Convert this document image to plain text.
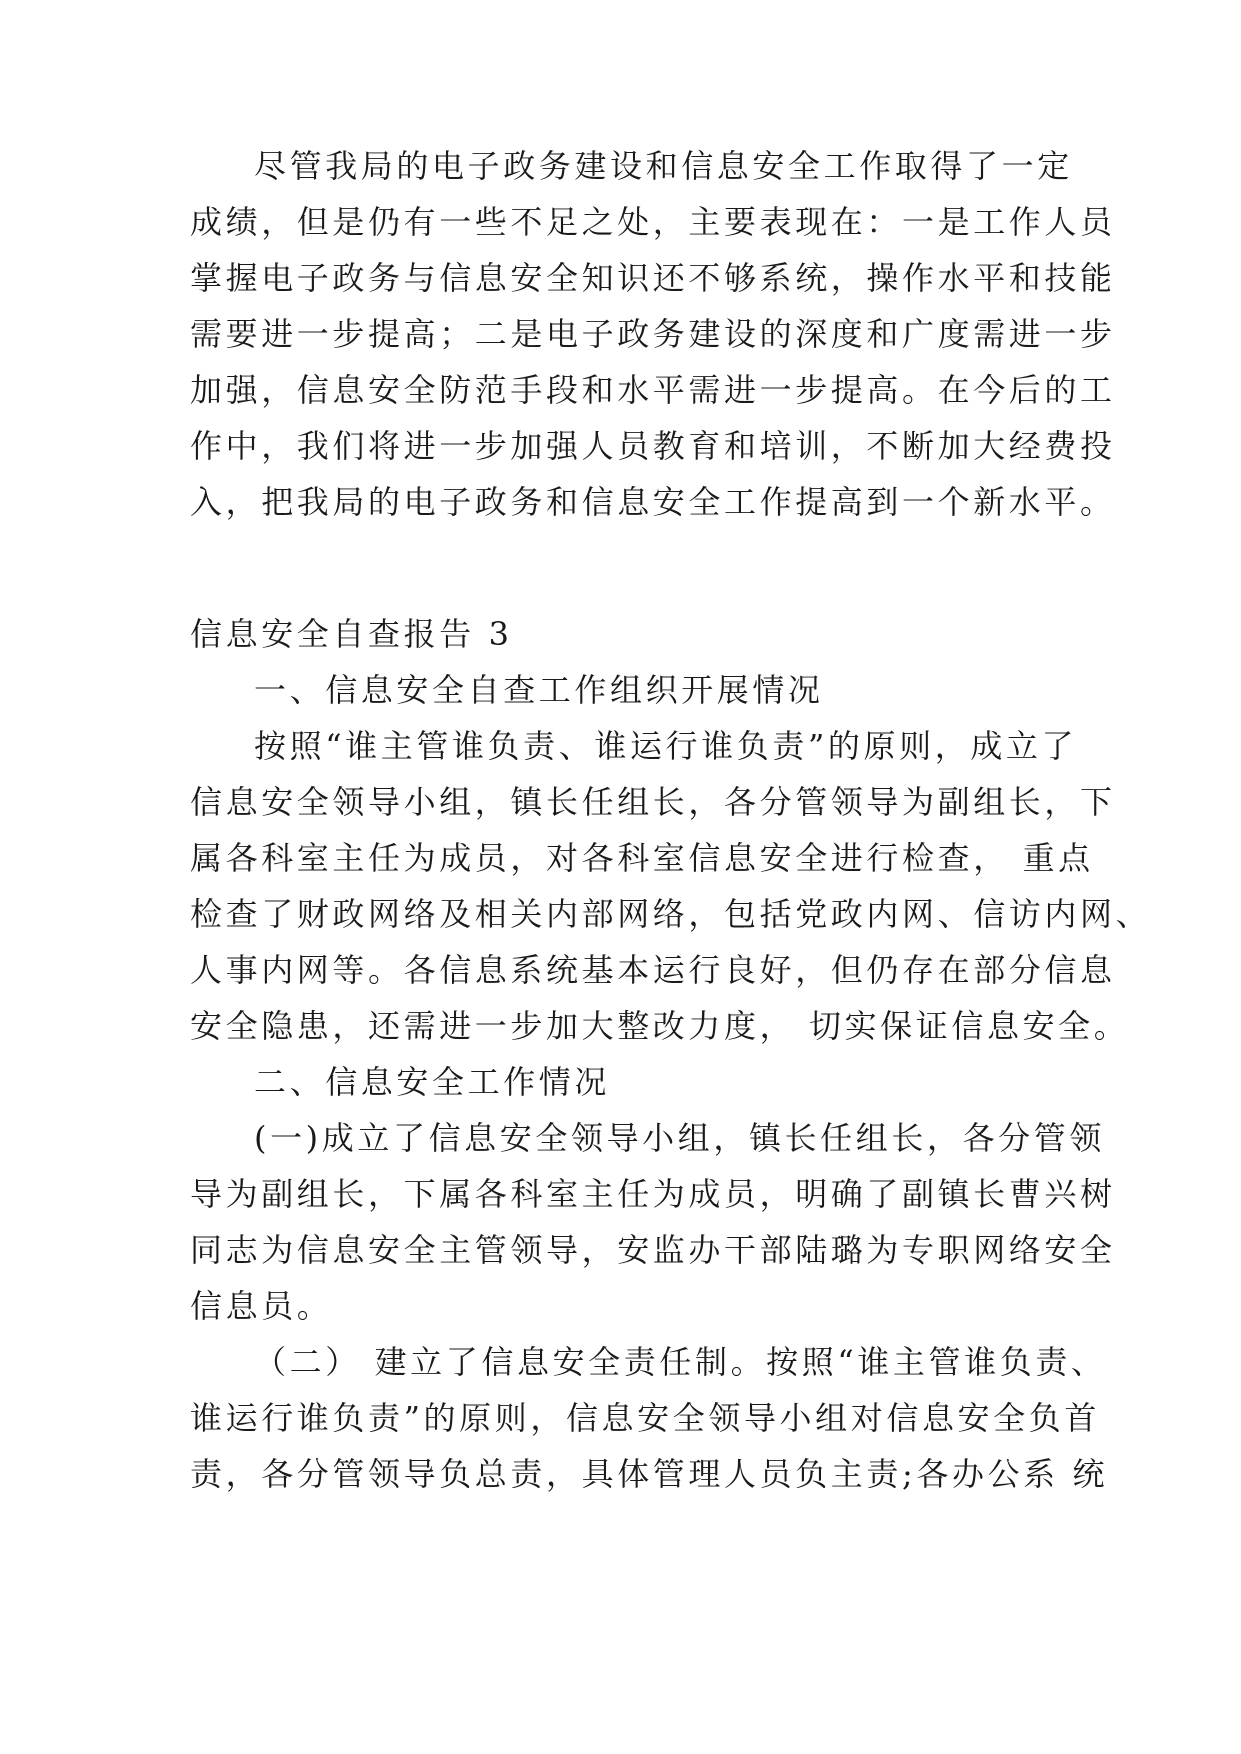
尽管我局的电子政务建设和信息安全工作取得了一定
成绩，但是仍有一些不足之处，主要表现在：一是工作人员
掌握电子政务与信息安全知识还不够系统，操作水平和技能
需要进一步提高；二是电子政务建设的深度和广度需进一步
加强，信息安全防范手段和水平需进一步提高。在今后的工
作中，我们将进一步加强人员教育和培训，不断加大经费投
入，把我局的电子政务和信息安全工作提高到一个新水平。
信息安全自查报告 3
一、信息安全自查工作组织开展情况
按照“谁主管谁负责、谁运行谁负责”的原则，成立了
信息安全领导小组，镇长任组长，各分管领导为副组长，下
属各科室主任为成员，对各科室信息安全进行检查， 重点
检查了财政网络及相关内部网络，包括党政内网、信访内网、
人事内网等。各信息系统基本运行良好，但仍存在部分信息
安全隐患，还需进一步加大整改力度， 切实保证信息安全。
二、信息安全工作情况
(一)成立了信息安全领导小组，镇长任组长，各分管领
导为副组长，下属各科室主任为成员，明确了副镇长曹兴树
同志为信息安全主管领导，安监办干部陆璐为专职网络安全
信息员。
（二） 建立了信息安全责任制。按照“谁主管谁负责、
谁运行谁负责”的原则，信息安全领导小组对信息安全负首
责，各分管领导负总责，具体管理人员负主责;各办公系 统
